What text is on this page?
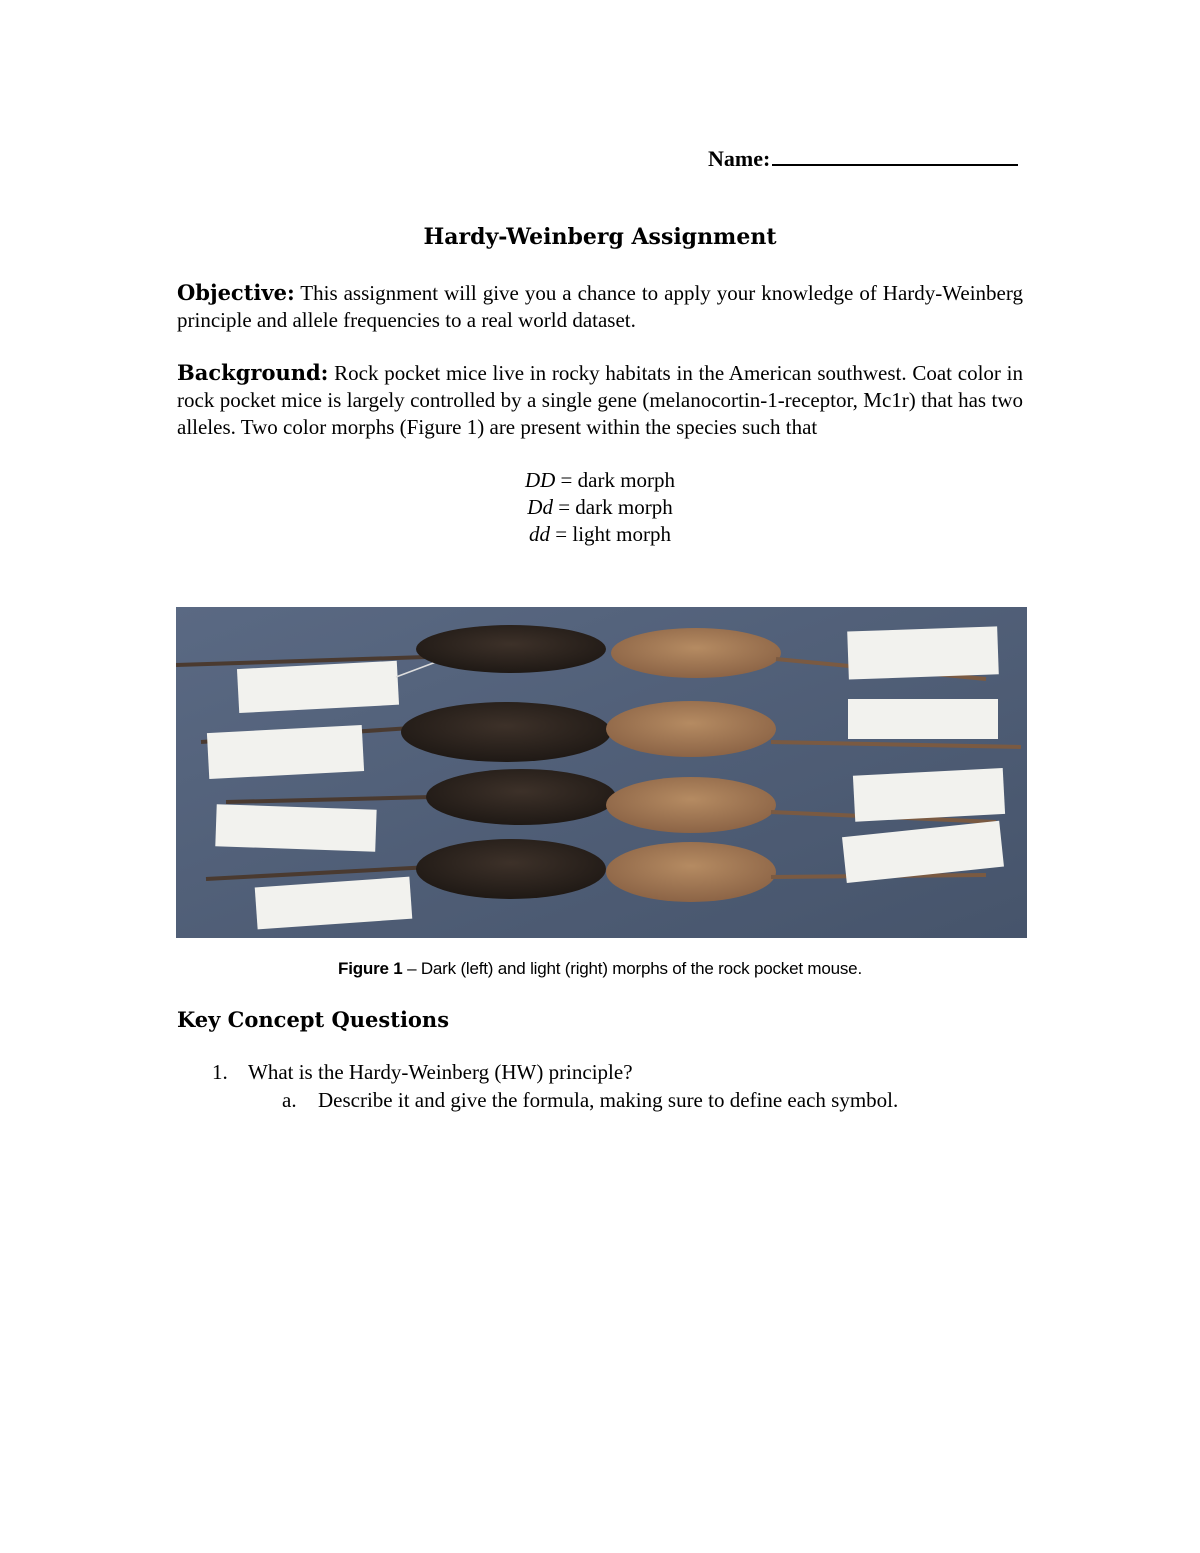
Name:
Hardy-Weinberg Assignment
Objective: This assignment will give you a chance to apply your knowledge of Hardy-Weinberg principle and allele frequencies to a real world dataset.
Background: Rock pocket mice live in rocky habitats in the American southwest. Coat color in rock pocket mice is largely controlled by a single gene (melanocortin-1-receptor, Mc1r) that has two alleles. Two color morphs (Figure 1) are present within the species such that
DD = dark morph
Dd = dark morph
dd = light morph
Figure 1 – Dark (left) and light (right) morphs of the rock pocket mouse.
Key Concept Questions
1. What is the Hardy-Weinberg (HW) principle?
a. Describe it and give the formula, making sure to define each symbol.
